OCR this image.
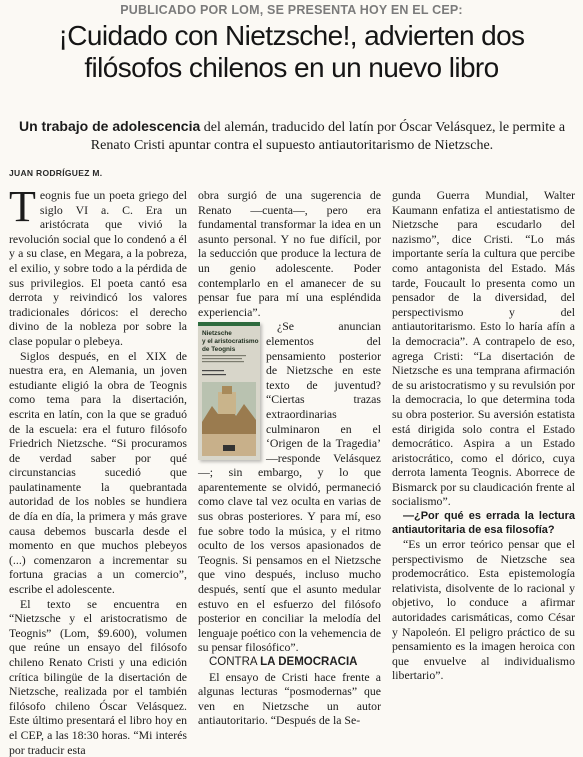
PUBLICADO POR LOM, SE PRESENTA HOY EN EL CEP:
¡Cuidado con Nietzsche!, advierten dos filósofos chilenos en un nuevo libro

Un trabajo de adolescencia del alemán, traducido del latín por Óscar Velásquez, le permite a Renato Cristi apuntar contra el supuesto antiautoritarismo de Nietzsche.

JUAN RODRÍGUEZ M.

Teognis fue un poeta griego del siglo VI a. C. Era un aristócrata que vivió la revolución social que lo condenó a él y a su clase, en Megara, a la pobreza, el exilio, y sobre todo a la pérdida de sus privilegios. El poeta cantó esa derrota y reivindicó los valores tradicionales dóricos: el derecho divino de la nobleza por sobre la clase popular o plebeya.

Siglos después, en el XIX de nuestra era, en Alemania, un joven estudiante eligió la obra de Teognis como tema para la disertación, escrita en latín, con la que se graduó de la escuela: era el futuro filósofo Friedrich Nietzsche. “Si procuramos de verdad saber por qué circunstancias sucedió que paulatinamente la quebrantada autoridad de los nobles se hundiera de día en día, la primera y más grave causa debemos buscarla desde el momento en que muchos plebeyos (...) comenzaron a incrementar su fortuna gracias a un comercio”, escribe el adolescente.

El texto se encuentra en “Nietzsche y el aristocratismo de Teognis” (Lom, $9.600), volumen que reúne un ensayo del filósofo chileno Renato Cristi y una edición crítica bilingüe de la disertación de Nietzsche, realizada por el también filósofo chileno Óscar Velásquez. Este último presentará el libro hoy en el CEP, a las 18:30 horas. “Mi interés por traducir esta

obra surgió de una sugerencia de Renato —cuenta—, pero era fundamental transformar la idea en un asunto personal. Y no fue difícil, por la seducción que produce la lectura de un genio adolescente. Poder contemplarlo en el amanecer de su pensar fue para mí una espléndida experiencia”.

Nietzsche
y el aristocratismo
de Teognis

¿Se anuncian elementos del pensamiento posterior de Nietzsche en este texto de juventud? “Ciertas trazas extraordinarias culminaron en el ‘Origen de la Tragedia’ —responde Velásquez—; sin embargo, y lo que aparentemente se olvidó, permaneció como clave tal vez oculta en varias de sus obras posteriores. Y para mí, eso fue sobre todo la música, y el ritmo oculto de los versos apasionados de Teognis. Si pensamos en el Nietzsche que vino después, incluso mucho después, sentí que el asunto medular estuvo en el esfuerzo del filósofo posterior en conciliar la melodía del lenguaje poético con la vehemencia de su pensar filosófico”.

CONTRA LA DEMOCRACIA

El ensayo de Cristi hace frente a algunas lecturas “posmodernas” que ven en Nietzsche un autor antiautoritario. “Después de la Se-

gunda Guerra Mundial, Walter Kaumann enfatiza el antiestatismo de Nietzsche para escudarlo del nazismo”, dice Cristi. “Lo más importante sería la cultura que percibe como antagonista del Estado. Más tarde, Foucault lo presenta como un pensador de la diversidad, del perspectivismo y del antiautoritarismo. Esto lo haría afín a la democracia”. A contrapelo de eso, agrega Cristi: “La disertación de Nietzsche es una temprana afirmación de su aristocratismo y su revulsión por la democracia, lo que determina toda su obra posterior. Su aversión estatista está dirigida solo contra el Estado democrático. Aspira a un Estado aristocrático, como el dórico, cuya derrota lamenta Teognis. Aborrece de Bismarck por su claudicación frente al socialismo”.

—¿Por qué es errada la lectura antiautoritaria de esa filosofía?

“Es un error teórico pensar que el perspectivismo de Nietzsche sea prodemocrático. Esta epistemología relativista, disolvente de lo racional y objetivo, lo conduce a afirmar autoridades carismáticas, como César y Napoleón. El peligro práctico de su pensamiento es la imagen heroica con que envuelve al individualismo libertario”.
